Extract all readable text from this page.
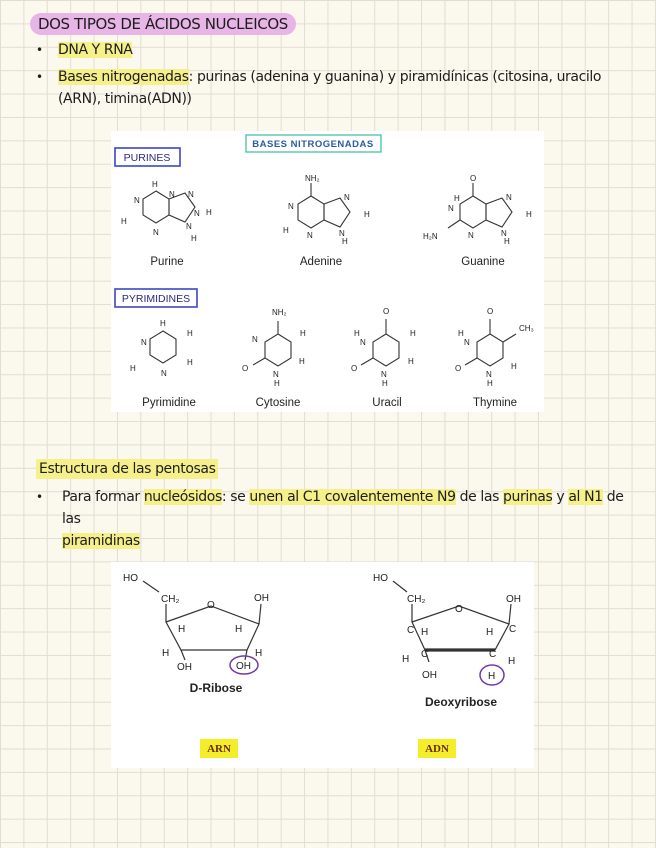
DOS TIPOS DE ÁCIDOS NUCLEICOS
• DNA Y RNA
• Bases nitrogenadas: purinas (adenina y guanina) y piramidínicas (citosina, uracilo
(ARN), timina(ADN))
BASES NITROGENADAS
PURINES
PYRIMIDINES
H
N
N N
N
N
H
H
N
H
NH₂
N
N
H
N
N
H
H
O
H
N
N
H
N
N
H₂N
H
H
H
N
H
N
H
NH₂
N
H
H
O
N
H
O
H
N
H
H
O
N
H
O
H
N
CH₃
H
O
N
H
Purine	Adenine	Guanine
Pyrimidine	Cytosine	Uracil	Thymine
Estructura de las pentosas
• Para formar nucleósidos: se unen al C1 covalentemente N9 de las purinas y al N1 de las
piramidinas
HO
CH₂
O
OH
H	H
H	H
OH	OH
D-Ribose
HO
CH₂
O
OH
C H	H C
H C	C
H
OH	H
Deoxyribose
ARN	ADN
